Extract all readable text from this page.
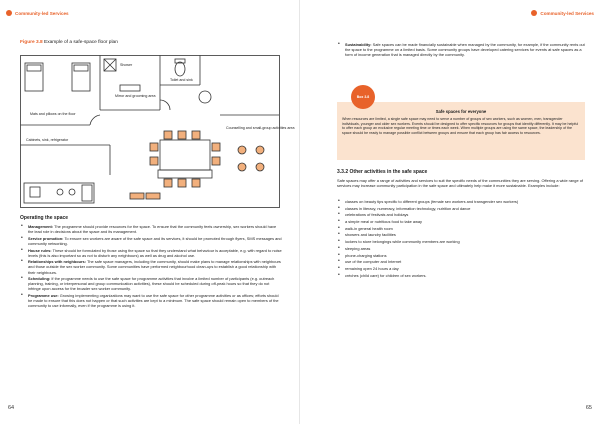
Community-led Services
Figure 3.8 Example of a safe-space floor plan
Shower
Toilet and sink
Mirror and grooming area
Mats and pillows on the floor
Cabinets, sink, refrigerator
Counselling and small-group activities area
Operating the space
• Management: The programme should provide resources for the space. To ensure that the community feels ownership, sex workers should have the lead role in decisions about the space and its management.
• Service promotion: To ensure sex workers are aware of the safe space and its services, it should be promoted through flyers, SMS messages and community networking.
• House rules: These should be formulated by those using the space so that they understand what behaviour is acceptable, e.g. with regard to noise levels (this is also important so as not to disturb any neighbours) as well as drug and alcohol use.
• Relationships with neighbours: The safe space managers, including the community, should make plans to manage relationships with neighbours and those outside the sex worker community. Some communities have performed neighbourhood clean-ups to establish a good relationship with their neighbours.
• Scheduling: If the programme needs to use the safe space for programme activities that involve a limited number of participants (e.g. outreach planning, training, or interpersonal and group communication activities), these should be scheduled during off-peak hours so that they do not infringe upon access for the broader sex worker community.
• Programme use: Growing implementing organizations may want to use the safe space for other programme activities or as offices; efforts should be made to ensure that this does not happen or that such activities are kept to a minimum. The safe space should remain open to members of the community to use informally, even if the programme is using it.
64
Community-led Services
65
• Sustainability: Safe spaces can be made financially sustainable when managed by the community, for example, if the community rents out the space to the programme on a limited basis. Some community groups have developed catering services for events at safe spaces as a form of income generation that is managed directly by the community.
Box 3.8
Safe spaces for everyone
When resources are limited, a single safe space may need to serve a number of groups of sex workers, such as women, men, transgender individuals, younger and older sex workers. Events should be designed to offer specific resources for groups that identify differently. It may be helpful to offer each group an exclusive regular meeting time or times each week. When multiple groups are using the same space, the leadership of the space should be ready to manage possible conflict between groups and ensure that each group has fair access to resources.
3.3.2 Other activities in the safe space
Safe spaces may offer a range of activities and services to suit the specific needs of the communities they are serving. Offering a wide range of services may increase community participation in the safe space and ultimately help make it more sustainable. Examples include:
• classes on beauty tips specific to different groups (female sex workers and transgender sex workers)
• classes in literacy, numeracy, information technology, nutrition and dance
• celebrations of festivals and holidays
• a simple meal or nutritious food to take away
• walk-in general health room
• showers and laundry facilities
• lockers to store belongings while community members are working
• sleeping areas
• phone-charging stations
• use of the computer and Internet
• remaining open 24 hours a day
• crèches (child care) for children of sex workers.
